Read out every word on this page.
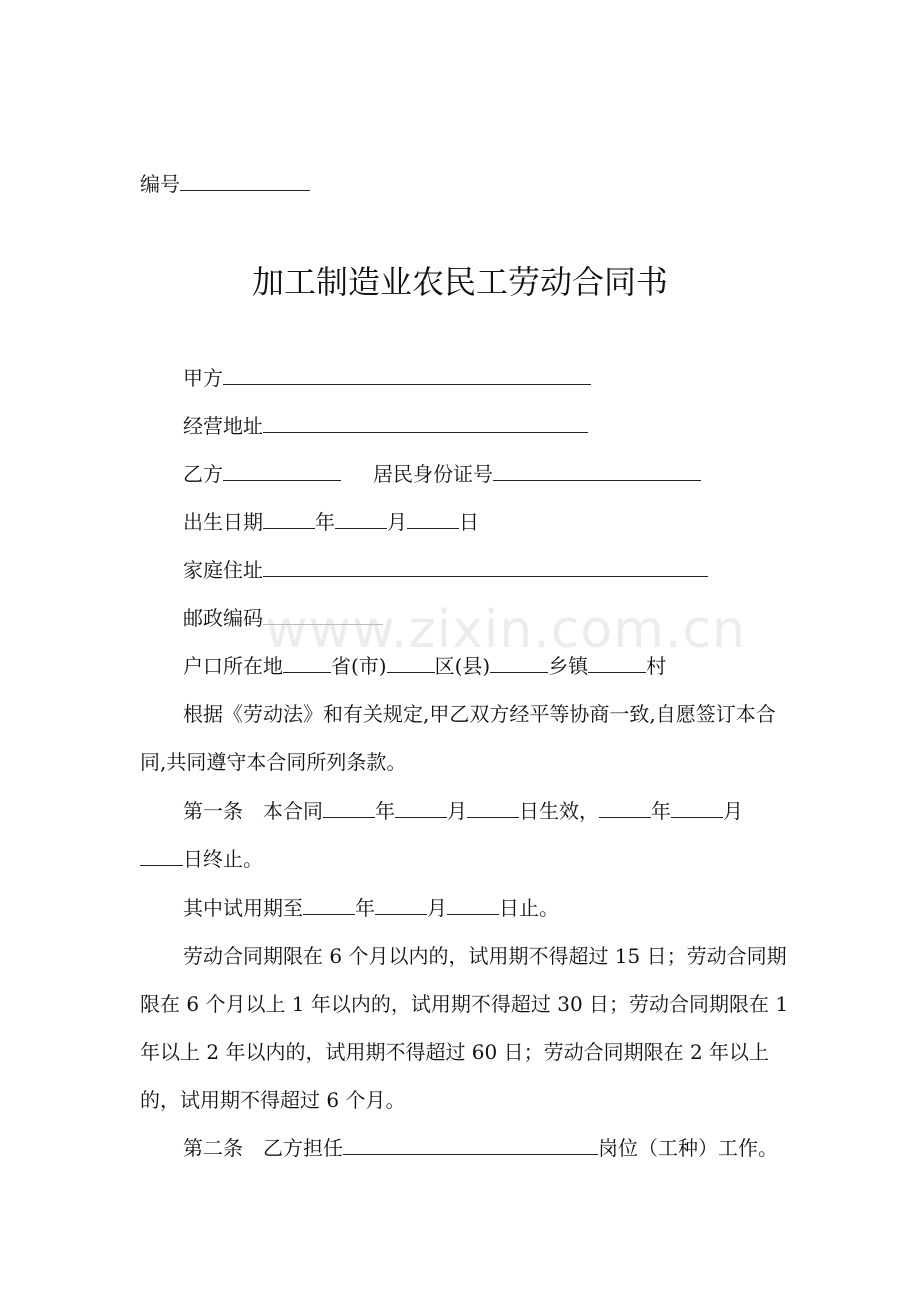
www.zixin.com.cn
编号
加工制造业农民工劳动合同书
甲方
经营地址
乙方	居民身份证号
出生日期	年	月	日
家庭住址
邮政编码
户口所在地 省(市) 区(县)	乡镇	村
根据《劳动法》和有关规定,甲乙双方经平等协商一致,自愿签订本合同,共同遵守本合同所列条款。
第一条　本合同	年	月	日生效，	年	月
日终止。
其中试用期至	年	月	日止。
劳动合同期限在 6 个月以内的，试用期不得超过 15 日；劳动合同期限在 6 个月以上 1 年以内的，试用期不得超过 30 日；劳动合同期限在 1 年以上 2 年以内的，试用期不得超过 60 日；劳动合同期限在 2 年以上的，试用期不得超过 6 个月。
第二条　乙方担任	岗位（工种）工作。
